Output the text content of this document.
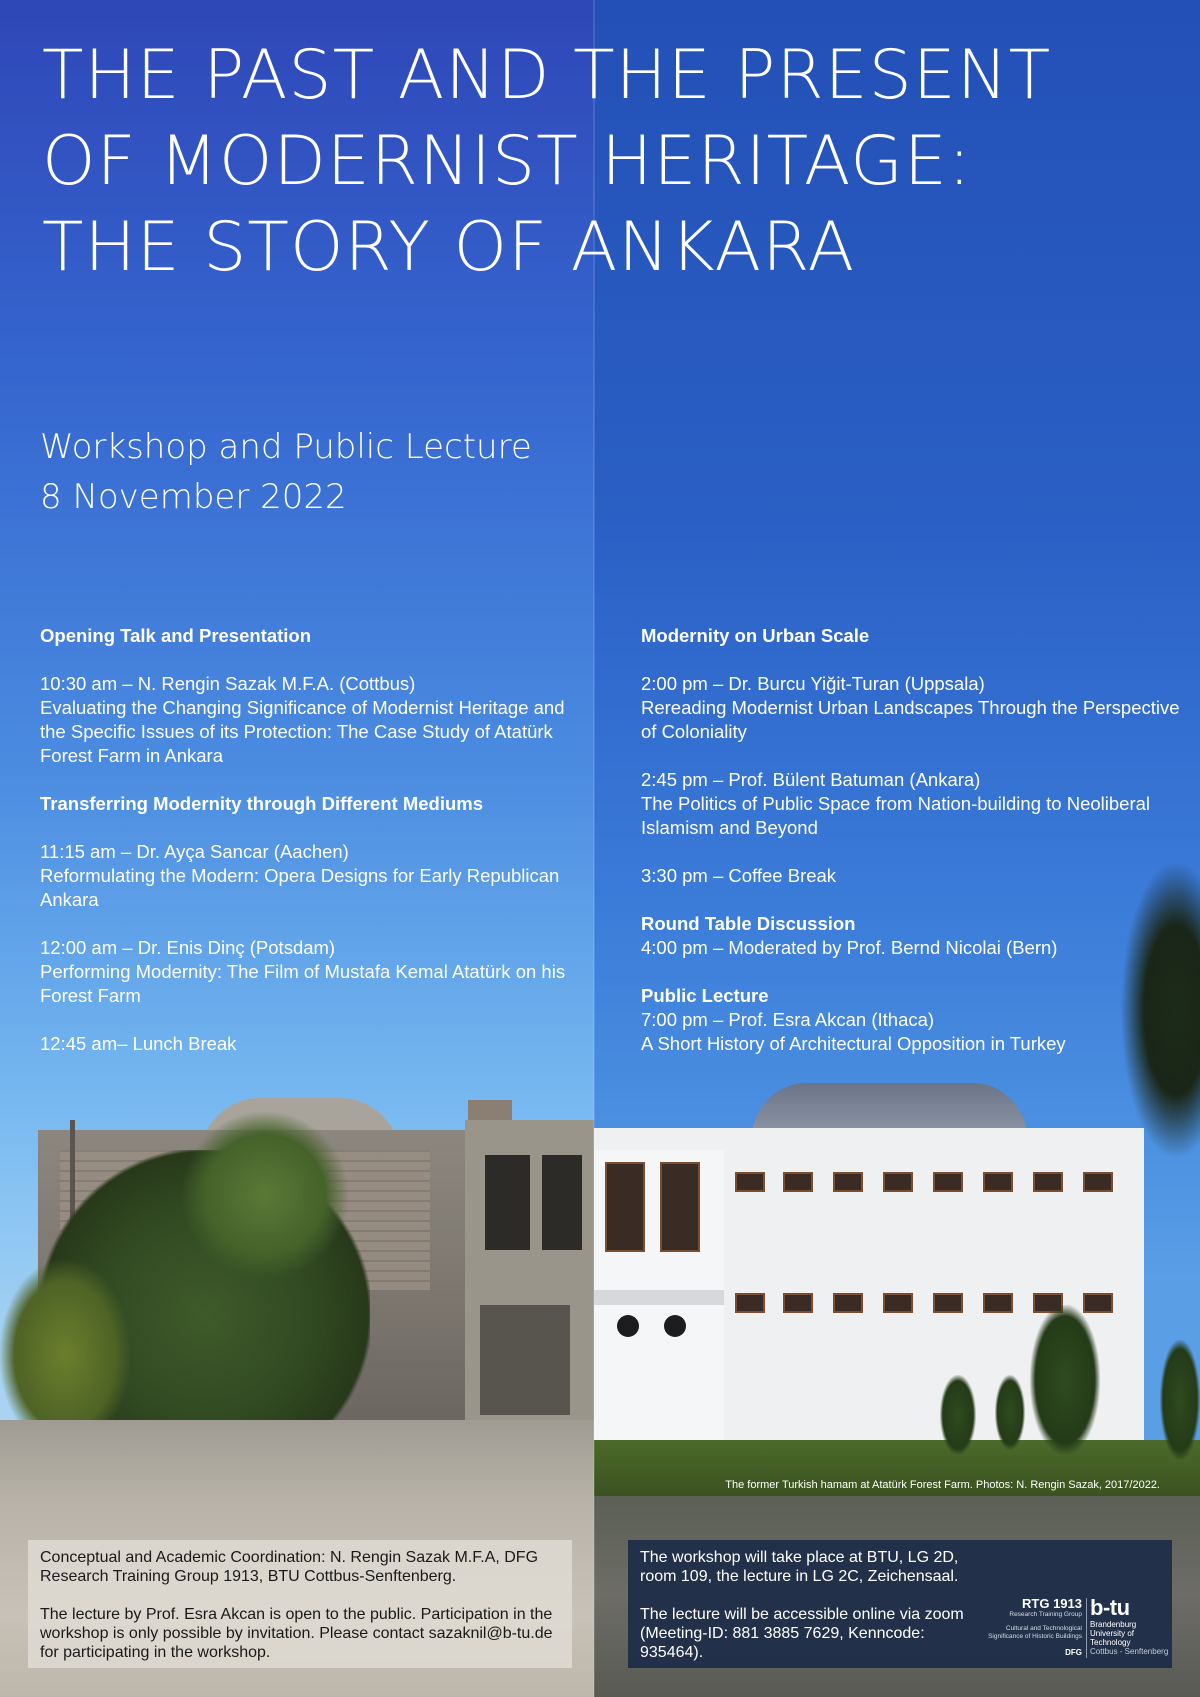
THE PAST AND THE PRESENT
OF MODERNIST HERITAGE:
THE STORY OF ANKARA
Workshop and Public Lecture
8 November 2022
Opening Talk and Presentation

10:30 am – N. Rengin Sazak M.F.A. (Cottbus)

Evaluating the Changing Significance of Modernist Heritage and the Specific Issues of its Protection: The Case Study of Atatürk Forest Farm in Ankara

Transferring Modernity through Different Mediums

11:15 am – Dr. Ayça Sancar (Aachen)

Reformulating the Modern: Opera Designs for Early Republican Ankara

12:00 am – Dr. Enis Dinç (Potsdam)

Performing Modernity: The Film of Mustafa Kemal Atatürk on his Forest Farm

12:45 am– Lunch Break

Modernity on Urban Scale

2:00 pm – Dr. Burcu Yiğit-Turan (Uppsala)

Rereading Modernist Urban Landscapes Through the Perspective of Coloniality

2:45 pm – Prof. Bülent Batuman (Ankara)

The Politics of Public Space from Nation-building to Neoliberal Islamism and Beyond

3:30 pm – Coffee Break

Round Table Discussion

4:00 pm – Moderated by Prof. Bernd Nicolai (Bern)

Public Lecture

7:00 pm – Prof. Esra Akcan (Ithaca)

A Short History of Architectural Opposition in Turkey

The former Turkish hamam at Atatürk Forest Farm. Photos: N. Rengin Sazak, 2017/2022.

Conceptual and Academic Coordination: N. Rengin Sazak M.F.A, DFG Research Training Group 1913, BTU Cottbus-Senftenberg.

The lecture by Prof. Esra Akcan is open to the public. Participation in the workshop is only possible by invitation. Please contact sazaknil@b-tu.de for participating in the workshop.

The workshop will take place at BTU, LG 2D, room 109, the lecture in LG 2C, Zeichensaal.

The lecture will be accessible online via zoom (Meeting-ID: 881 3885 7629, Kenncode: 935464).

RTG 1913
Research Training Group
Cultural and Technological Significance of Historic Buildings
DFG
b-tu
Brandenburg
University of Technology
Cottbus - Senftenberg
